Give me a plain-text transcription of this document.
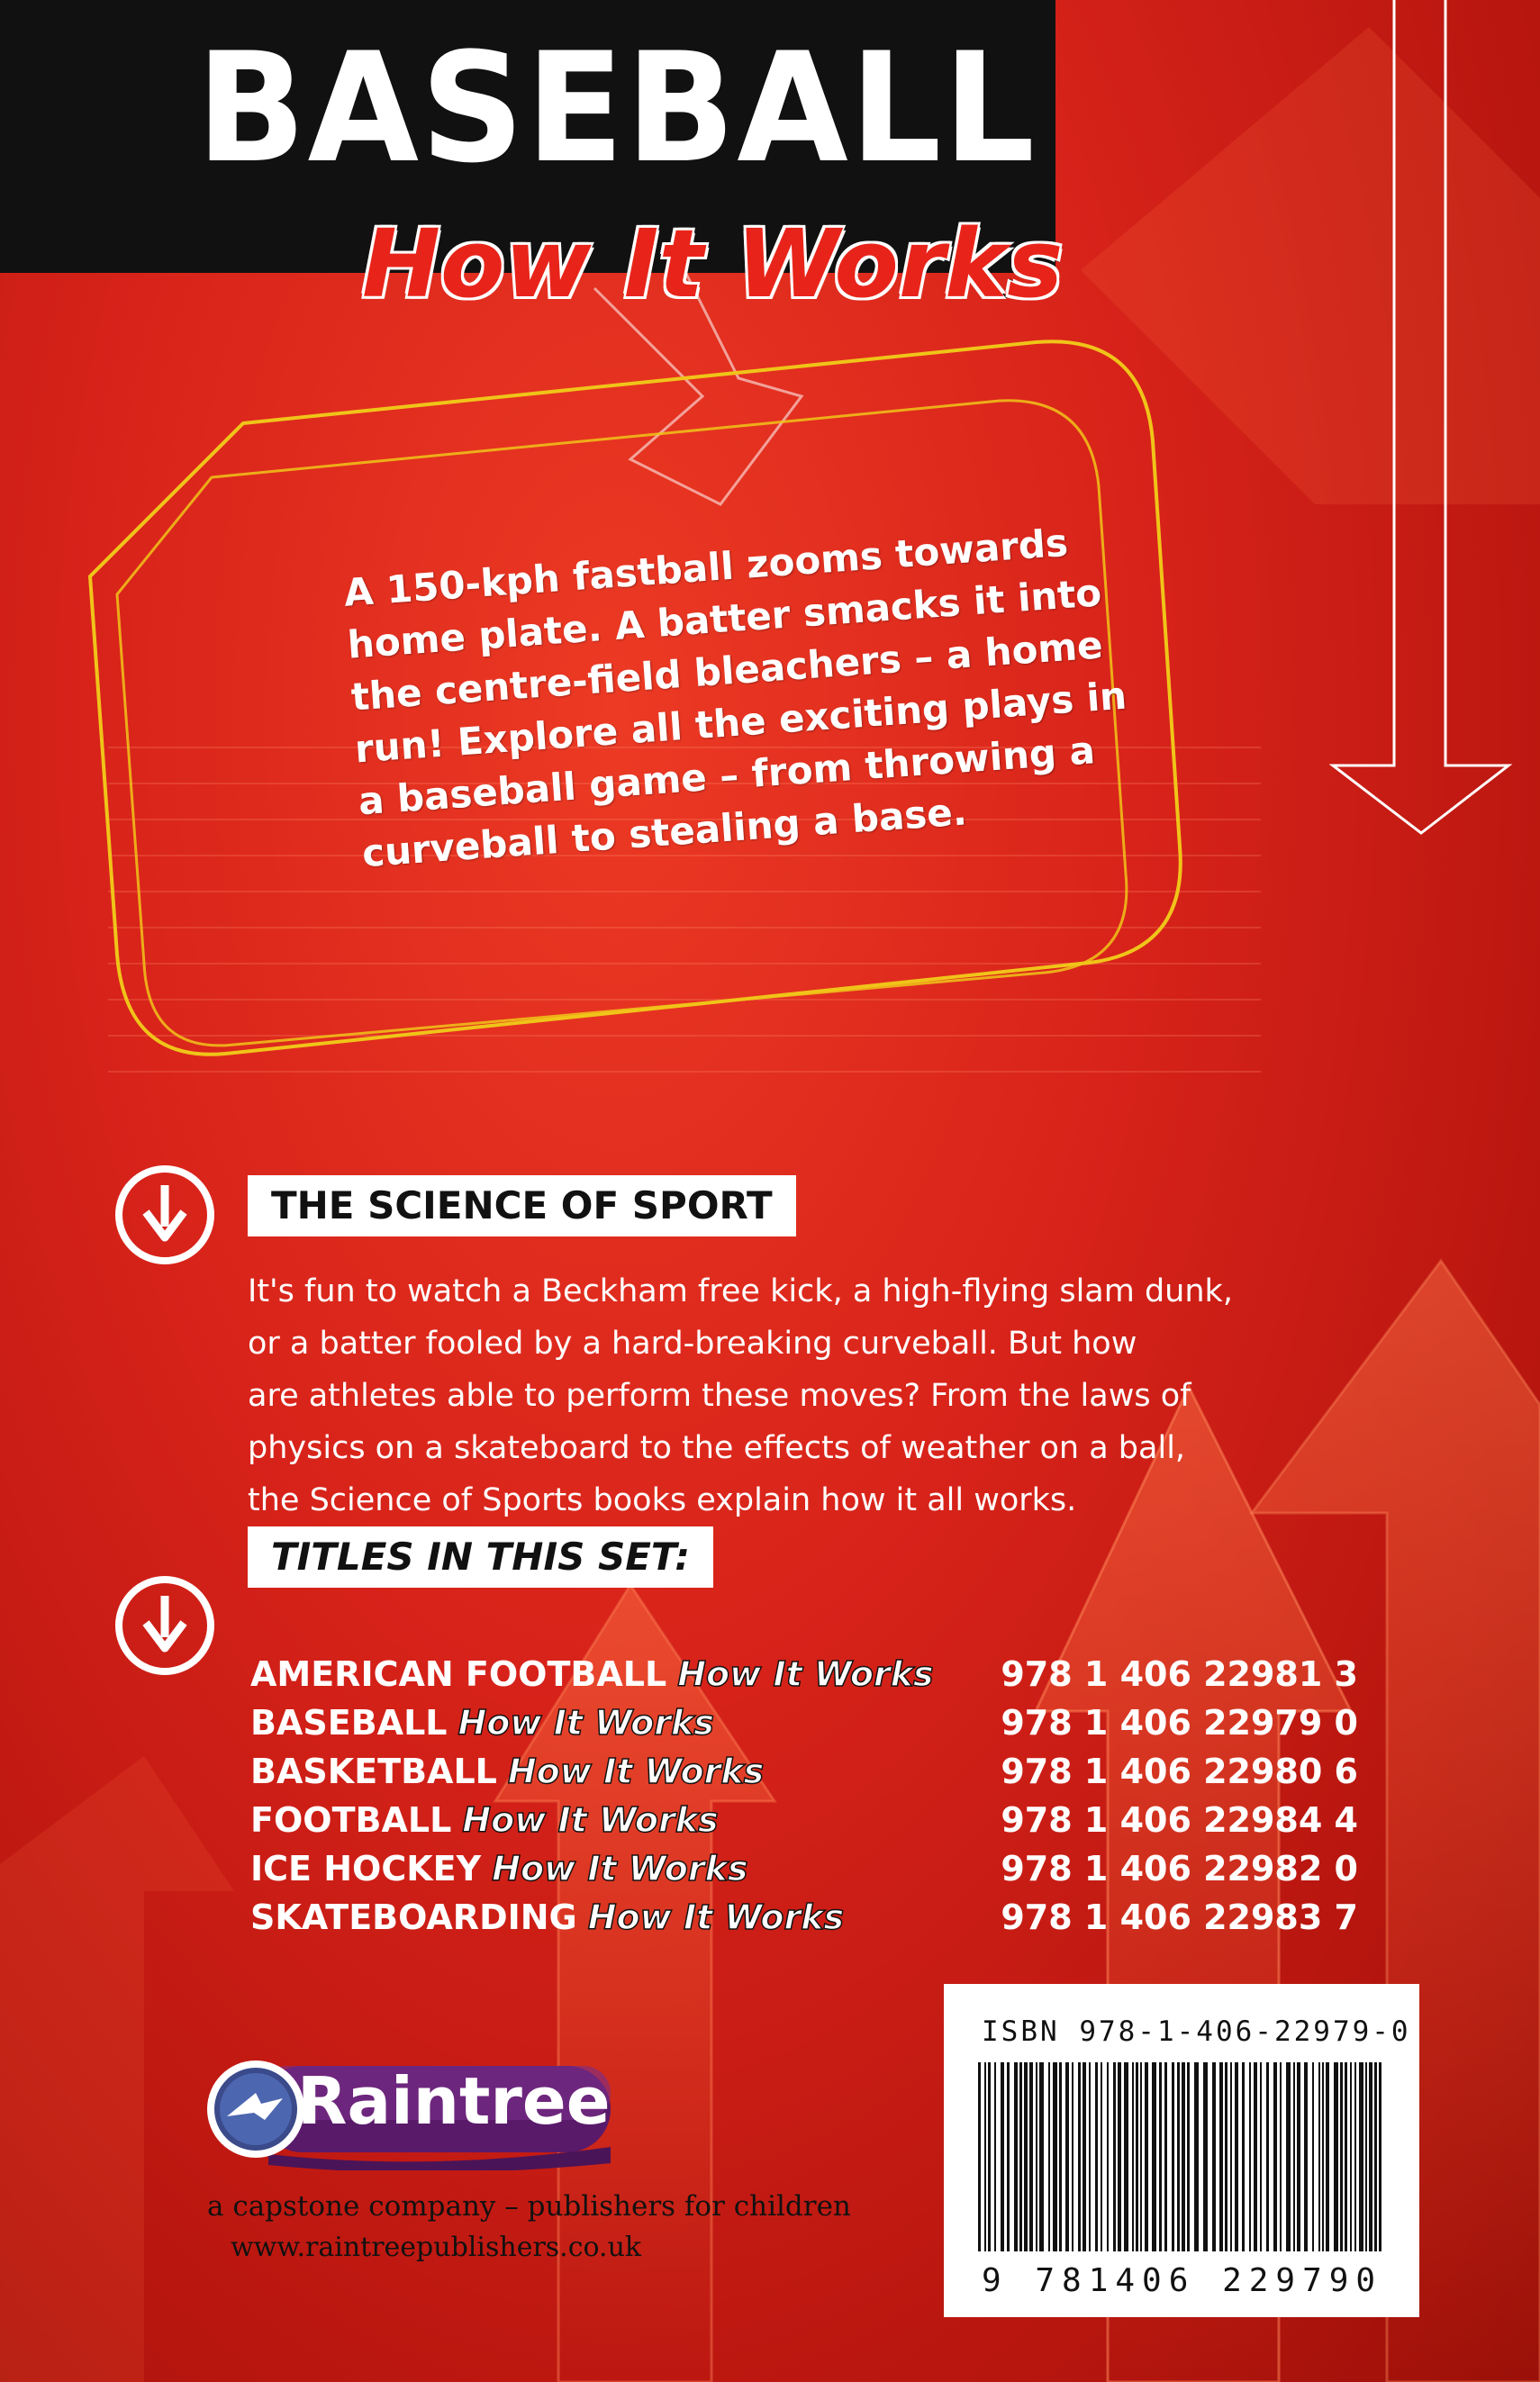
BASEBALL
How It Works
A 150-kph fastball zooms towards home plate. A batter smacks it into the centre-field bleachers – a home run! Explore all the exciting plays in a baseball game – from throwing a curveball to stealing a base.
THE SCIENCE OF SPORT
It's fun to watch a Beckham free kick, a high-flying slam dunk,
or a batter fooled by a hard-breaking curveball. But how
are athletes able to perform these moves? From the laws of
physics on a skateboard to the effects of weather on a ball,
the Science of Sports books explain how it all works.
TITLES IN THIS SET:
AMERICAN FOOTBALL How It Works 978 1 406 22981 3
BASEBALL How It Works	978 1 406 22979 0
BASKETBALL How It Works	978 1 406 22980 6
FOOTBALL How It Works	978 1 406 22984 4
ICE HOCKEY How It Works	978 1 406 22982 0
SKATEBOARDING How It Works	978 1 406 22983 7
ISBN 978-1-406-22979-0
9 781406 229790
Raintree
a capstone company – publishers for children
www.raintreepublishers.co.uk
